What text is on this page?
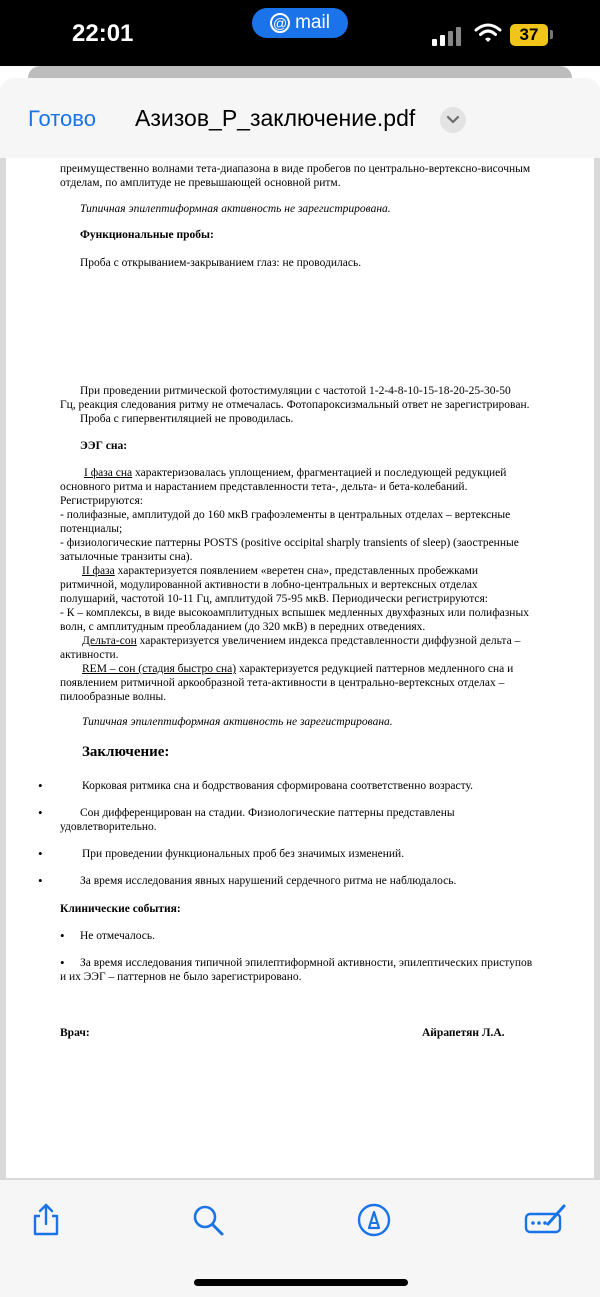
22:01	@ mail
37
Готово Азизов_Р_заключение.pdf
преимущественно волнами тета-диапазона в виде пробегов по центрально-вертексно-височным
отделам, по амплитуде не превышающей основной ритм.
Типичная эпилептиформная активность не зарегистрирована.
Функциональные пробы:
Проба с открыванием-закрыванием глаз: не проводилась.
При проведении ритмической фотостимуляции с частотой 1-2-4-8-10-15-18-20-25-30-50
Гц, реакция следования ритму не отмечалась. Фотопароксизмальный ответ не зарегистрирован.
Проба с гипервентиляцией не проводилась.
ЭЭГ сна:
I фаза сна характеризовалась уплощением, фрагментацией и последующей редукцией
основного ритма и нарастанием представленности тета-, дельта- и бета-колебаний.
Регистрируются:
- полифазные, амплитудой до 160 мкВ графоэлементы в центральных отделах – вертексные
потенциалы;
- физиологические паттерны POSTS (positive occipital sharply transients of sleep) (заостренные
затылочные транзиты сна).
II фаза характеризуется появлением «веретен сна», представленных пробежками
ритмичной, модулированной активности в лобно-центральных и вертексных отделах
полушарий, частотой 10-11 Гц, амплитудой 75-95 мкВ. Периодически регистрируются:
- К – комплексы, в виде высокоамплитудных вспышек медленных двухфазных или полифазных
волн, с амплитудным преобладанием (до 320 мкВ) в передних отведениях.
Дельта-сон характеризуется увеличением индекса представленности диффузной дельта –
активности.
REM – сон (стадия быстро сна) характеризуется редукцией паттернов медленного сна и
появлением ритмичной аркообразной тета-активности в центрально-вертексных отделах –
пилообразные волны.
Типичная эпилептиформная активность не зарегистрирована.
Заключение:
•	Корковая ритмика сна и бодрствования сформирована соответственно возрасту.
•	Сон дифференцирован на стадии. Физиологические паттерны представлены
удовлетворительно.
•	При проведении функциональных проб без значимых изменений.
•	За время исследования явных нарушений сердечного ритма не наблюдалось.
Клинические события:
• Не отмечалось.
• За время исследования типичной эпилептиформной активности, эпилептических приступов
и их ЭЭГ – паттернов не было зарегистрировано.
Врач:	Айрапетян Л.А.
